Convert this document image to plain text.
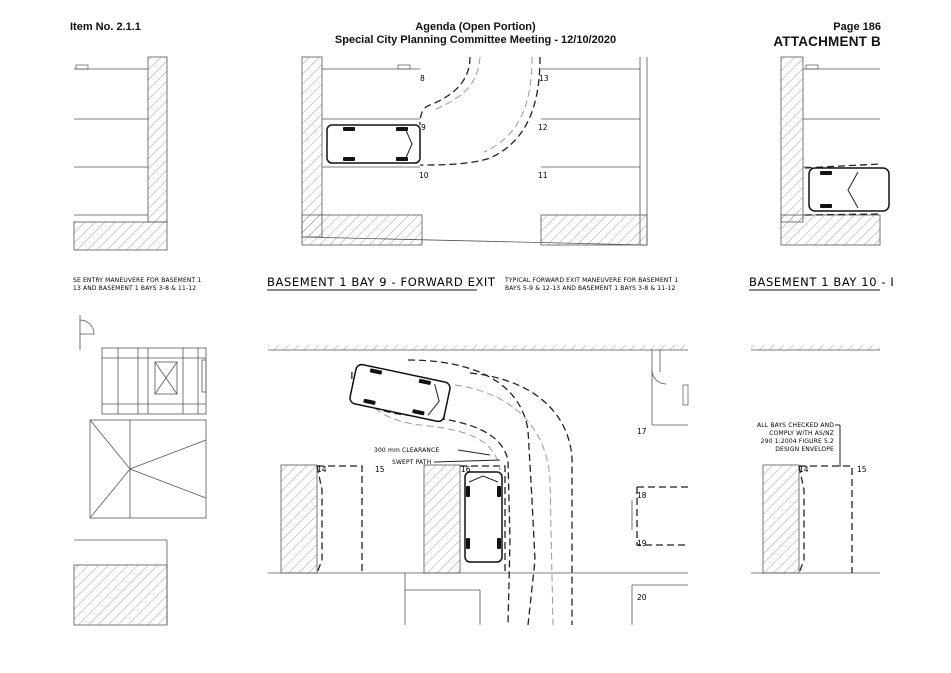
Item No. 2.1.1	Agenda (Open Portion)
Special City Planning Committee Meeting - 12/10/2020
Page 186
ATTACHMENT B
8
9
10
13
12
11
SE ENTRY MANEUVERE FOR BASEMENT 1
13 AND BASEMENT 1 BAYS 3-8 & 11-12	BASEMENT 1 BAY 9 - FORWARD EXIT TYPICAL FORWARD EXIT MANEUVERE FOR BASEMENT 1
BAYS 5-9 & 12-13 AND BASEMENT 1 BAYS 3-8 & 11-12	BASEMENT 1 BAY 10 - I
300 mm CLEARANCE
SWEPT PATH
14	15	16
17
18
19
20
ALL BAYS CHECKED AND
COMPLY WITH AS/NZ
290 1:2004 FIGURE 5.2
DESIGN ENVELOPE
14	15
